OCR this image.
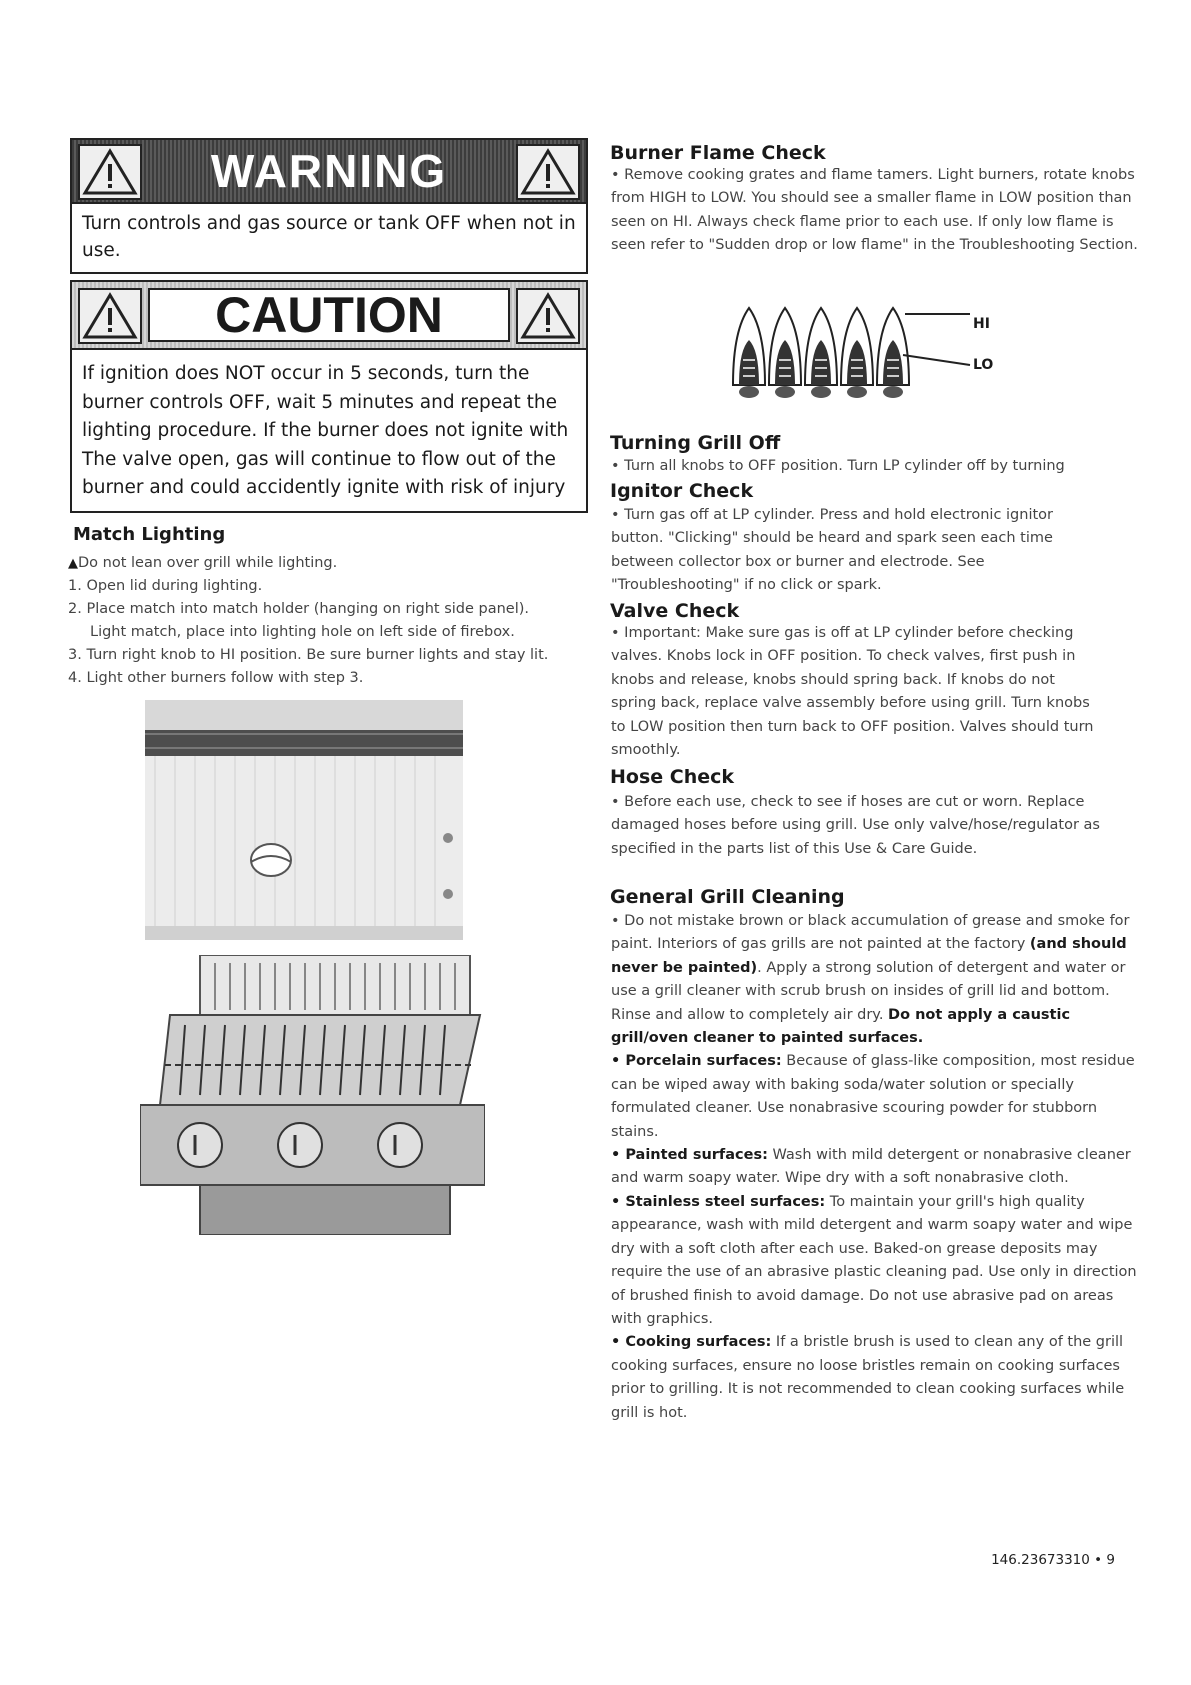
WARNING
Turn controls and gas source or tank OFF when not in use.
CAUTION
If ignition does NOT occur in 5 seconds, turn the burner controls OFF, wait 5 minutes and repeat the lighting procedure. If the burner does not ignite with The valve open, gas will continue to flow out of the burner and could accidently ignite with risk of injury
Match Lighting
▲Do not lean over grill while lighting.
1. Open lid during lighting.
2. Place match into match holder (hanging on right side panel).
Light match, place into lighting hole on left side of firebox.
3. Turn right knob to HI position. Be sure burner lights and stay lit.
4. Light other burners follow with step 3.
Burner Flame Check
• Remove cooking grates and flame tamers. Light burners, rotate knobs from HIGH to LOW. You should see a smaller flame in LOW position than seen on HI. Always check flame prior to each use. If only low flame is seen refer to "Sudden drop or low flame" in the Troubleshooting Section.
HI
LO
Turning Grill Off
• Turn all knobs to OFF position. Turn LP cylinder off by turning
Ignitor Check
• Turn gas off at LP cylinder. Press and hold electronic ignitor button. "Clicking" should be heard and spark seen each time between collector box or burner and electrode. See "Troubleshooting" if no click or spark.
Valve Check
• Important: Make sure gas is off at LP cylinder before checking valves. Knobs lock in OFF position. To check valves, first push in knobs and release, knobs should spring back. If knobs do not spring back, replace valve assembly before using grill. Turn knobs to LOW position then turn back to OFF position. Valves should turn smoothly.
Hose Check
• Before each use, check to see if hoses are cut or worn. Replace damaged hoses before using grill. Use only valve/hose/regulator as specified in the parts list of this Use & Care Guide.
General Grill Cleaning

• Do not mistake brown or black accumulation of grease and smoke for paint. Interiors of gas grills are not painted at the factory (and should never be painted). Apply a strong solution of detergent and water or use a grill cleaner with scrub brush on insides of grill lid and bottom. Rinse and allow to completely air dry. Do not apply a caustic grill/oven cleaner to painted surfaces.

• Porcelain surfaces: Because of glass-like composition, most residue can be wiped away with baking soda/water solution or specially formulated cleaner. Use nonabrasive scouring powder for stubborn stains.

• Painted surfaces: Wash with mild detergent or nonabrasive cleaner and warm soapy water. Wipe dry with a soft nonabrasive cloth.

• Stainless steel surfaces: To maintain your grill's high quality appearance, wash with mild detergent and warm soapy water and wipe dry with a soft cloth after each use. Baked-on grease deposits may require the use of an abrasive plastic cleaning pad. Use only in direction of brushed finish to avoid damage. Do not use abrasive pad on areas with graphics.

• Cooking surfaces: If a bristle brush is used to clean any of the grill cooking surfaces, ensure no loose bristles remain on cooking surfaces prior to grilling. It is not recommended to clean cooking surfaces while grill is hot.

146.23673310 • 9
